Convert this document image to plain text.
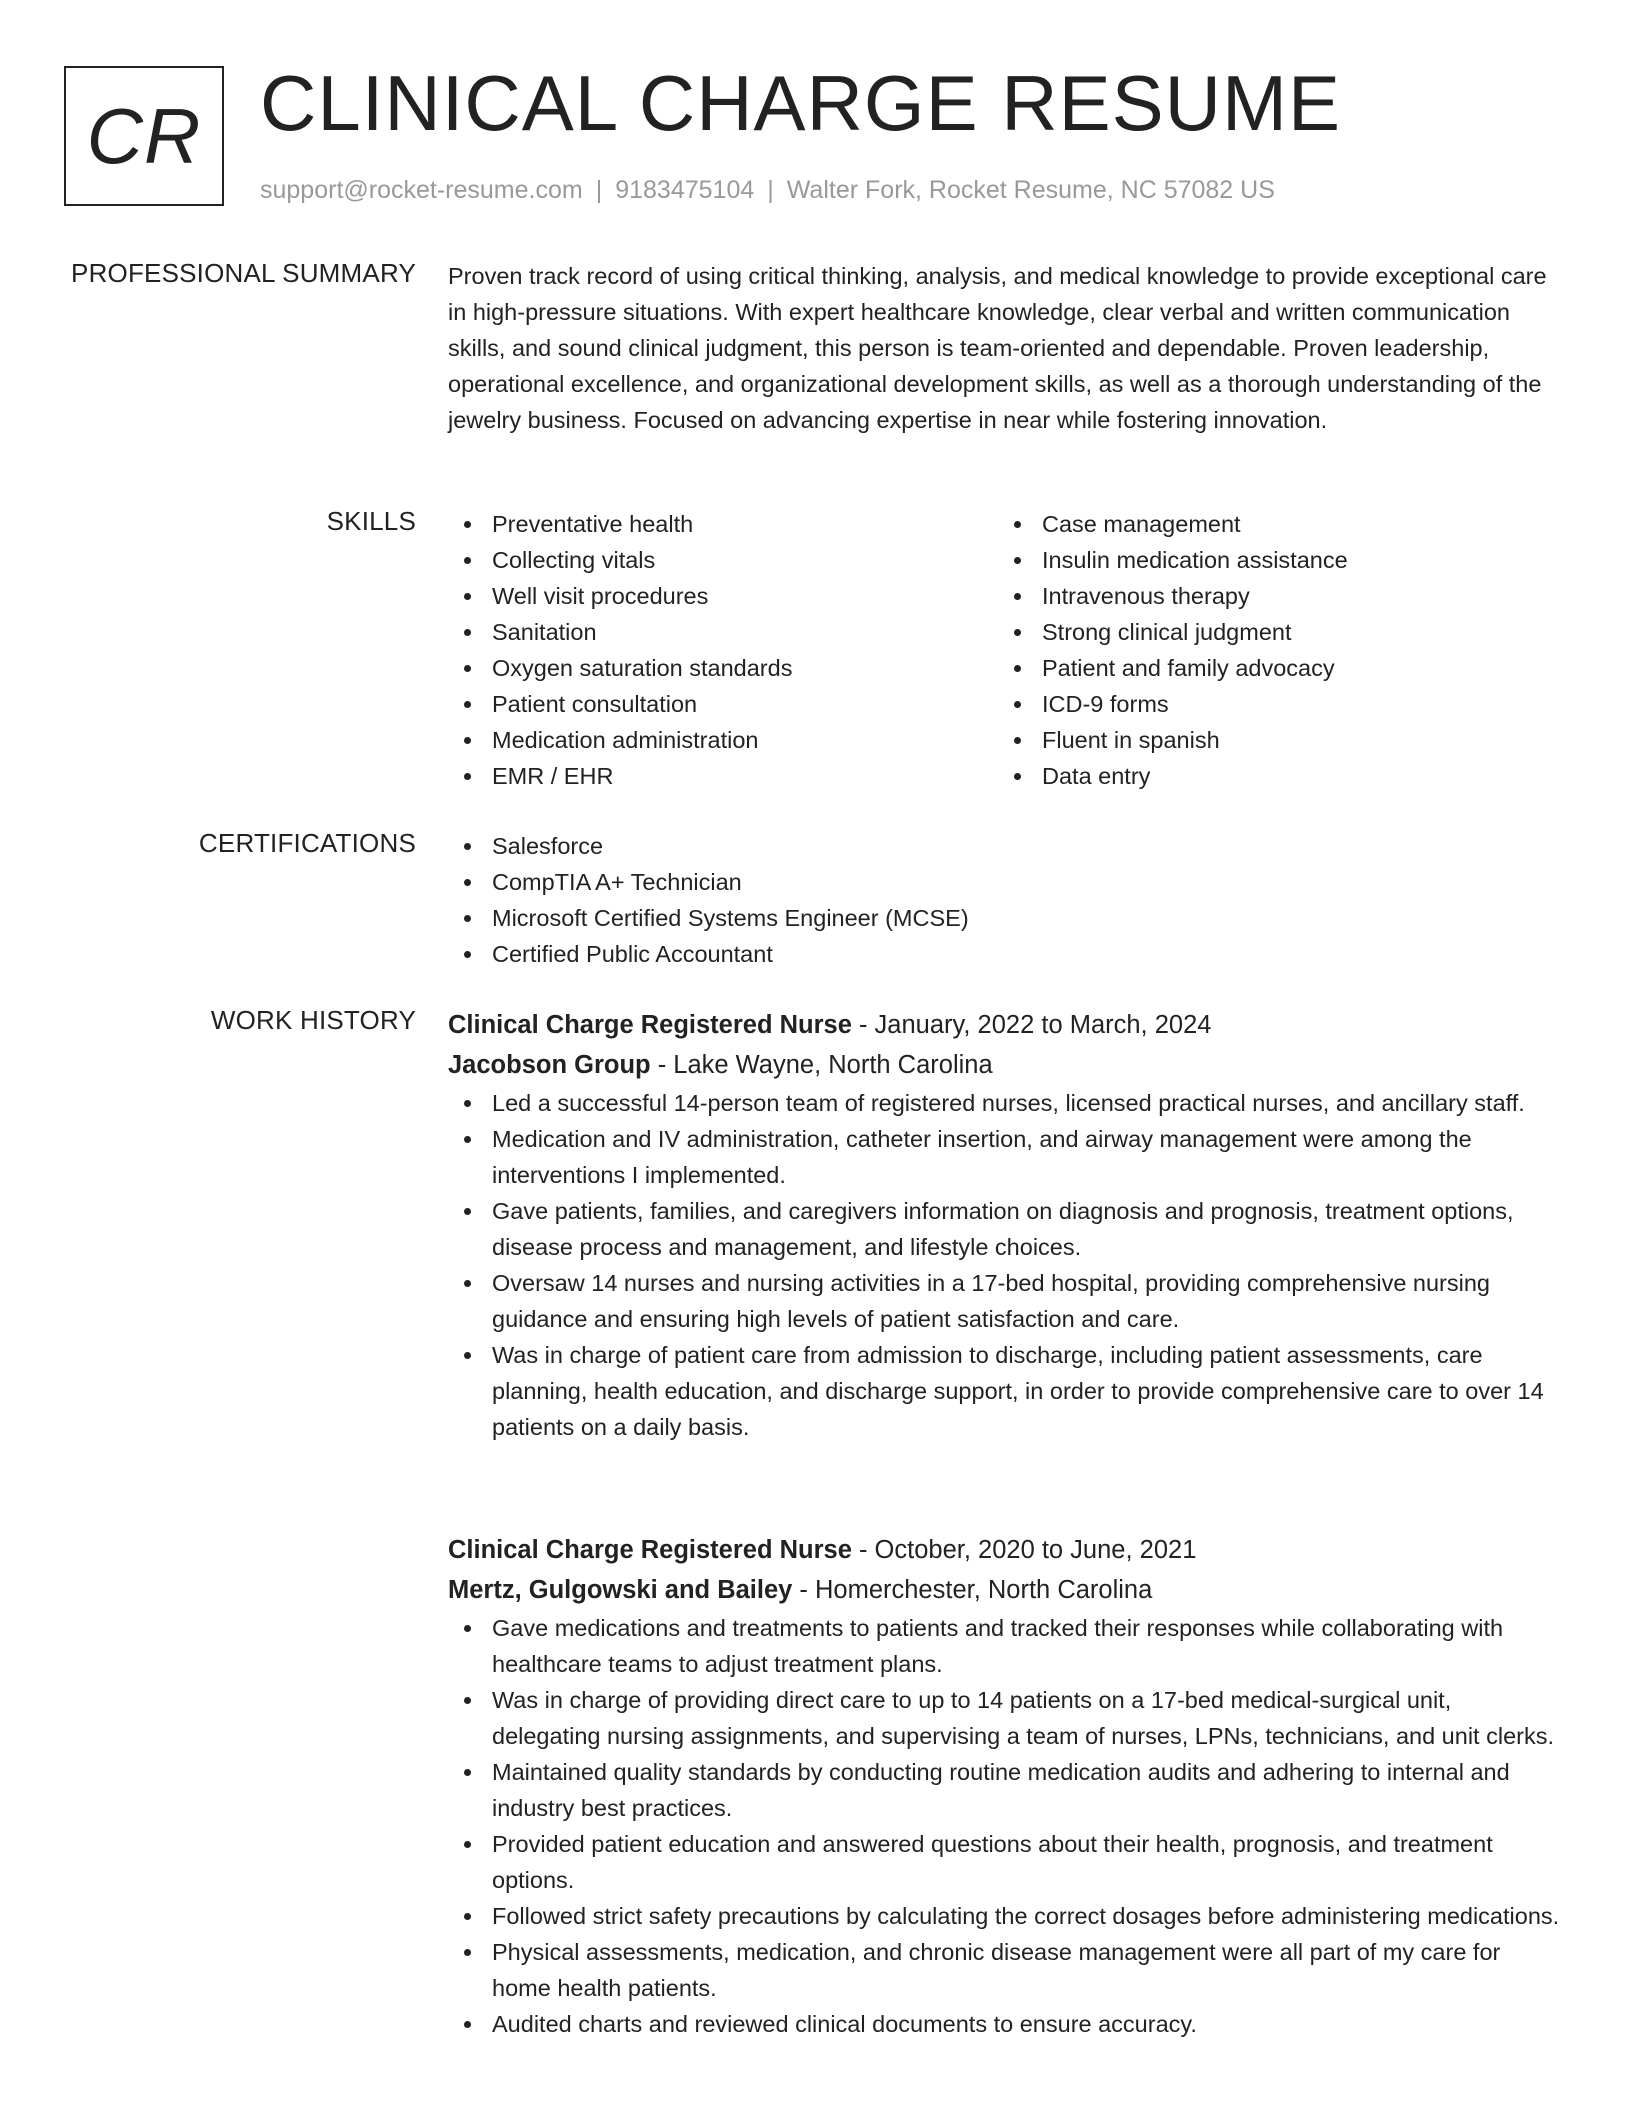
CR CLINICAL CHARGE RESUME
support@rocket-resume.com | 9183475104 | Walter Fork, Rocket Resume, NC 57082 US
PROFESSIONAL SUMMARY Proven track record of using critical thinking, analysis, and medical knowledge to provide exceptional care in high-pressure situations. With expert healthcare knowledge, clear verbal and written communication skills, and sound clinical judgment, this person is team-oriented and dependable. Proven leadership, operational excellence, and organizational development skills, as well as a thorough understanding of the jewelry business. Focused on advancing expertise in near while fostering innovation.

SKILLS	Preventative health
Collecting vitals
Well visit procedures
Sanitation
Oxygen saturation standards
Patient consultation
Medication administration
EMR / EHR
Case management
Insulin medication assistance
Intravenous therapy
Strong clinical judgment
Patient and family advocacy
ICD-9 forms
Fluent in spanish
Data entry
CERTIFICATIONS	Salesforce
CompTIA A+ Technician
Microsoft Certified Systems Engineer (MCSE)
Certified Public Accountant
WORK HISTORY Clinical Charge Registered Nurse - January, 2022 to March, 2024
Jacobson Group - Lake Wayne, North Carolina
Led a successful 14-person team of registered nurses, licensed practical nurses, and ancillary staff.
Medication and IV administration, catheter insertion, and airway management were among the interventions I implemented.
Gave patients, families, and caregivers information on diagnosis and prognosis, treatment options, disease process and management, and lifestyle choices.
Oversaw 14 nurses and nursing activities in a 17-bed hospital, providing comprehensive nursing guidance and ensuring high levels of patient satisfaction and care.
Was in charge of patient care from admission to discharge, including patient assessments, care planning, health education, and discharge support, in order to provide comprehensive care to over 14 patients on a daily basis.
Clinical Charge Registered Nurse - October, 2020 to June, 2021
Mertz, Gulgowski and Bailey - Homerchester, North Carolina
Gave medications and treatments to patients and tracked their responses while collaborating with healthcare teams to adjust treatment plans.
Was in charge of providing direct care to up to 14 patients on a 17-bed medical-surgical unit, delegating nursing assignments, and supervising a team of nurses, LPNs, technicians, and unit clerks.
Maintained quality standards by conducting routine medication audits and adhering to internal and industry best practices.
Provided patient education and answered questions about their health, prognosis, and treatment options.
Followed strict safety precautions by calculating the correct dosages before administering medications.
Physical assessments, medication, and chronic disease management were all part of my care for home health patients.
Audited charts and reviewed clinical documents to ensure accuracy.
